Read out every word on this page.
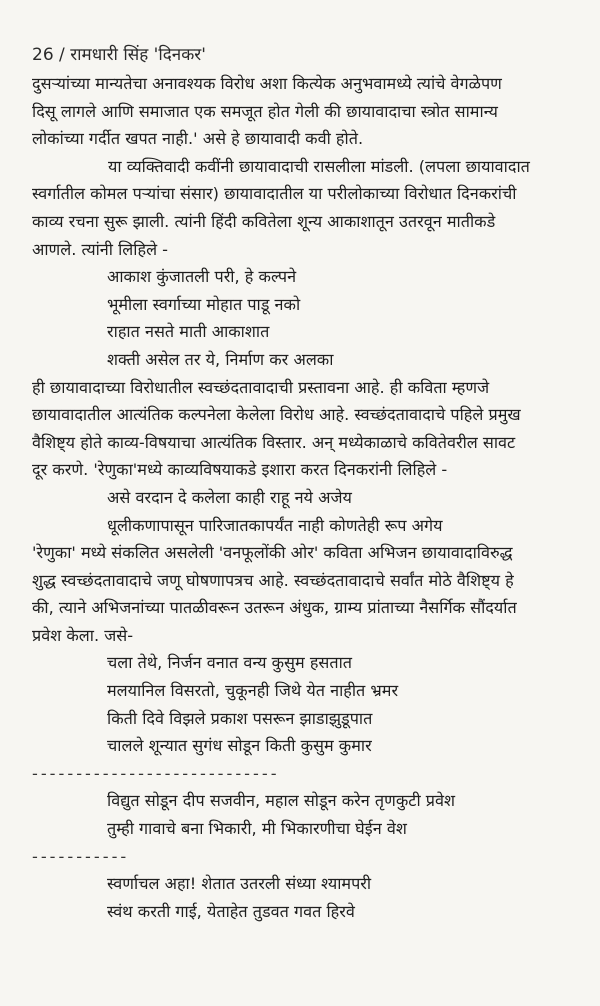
26 / रामधारी सिंह 'दिनकर'
दुसऱ्यांच्या मान्यतेचा अनावश्यक विरोध अशा कित्येक अनुभवामध्ये त्यांचे वेगळेपण
दिसू लागले आणि समाजात एक समजूत होत गेली की छायावादाचा स्त्रोत सामान्य
लोकांच्या गर्दीत खपत नाही.' असे हे छायावादी कवी होते.
या व्यक्तिवादी कवींनी छायावादाची रासलीला मांडली. (लपला छायावादात
स्वर्गातील कोमल पऱ्यांचा संसार) छायावादातील या परीलोकाच्या विरोधात दिनकरांची
काव्य रचना सुरू झाली. त्यांनी हिंदी कवितेला शून्य आकाशातून उतरवून मातीकडे
आणले. त्यांनी लिहिले -
आकाश कुंजातली परी, हे कल्पने
भूमीला स्वर्गाच्या मोहात पाडू नको
राहात नसते माती आकाशात
शक्ती असेल तर ये, निर्माण कर अलका
ही छायावादाच्या विरोधातील स्वच्छंदतावादाची प्रस्तावना आहे. ही कविता म्हणजे
छायावादातील आत्यंतिक कल्पनेला केलेला विरोध आहे. स्वच्छंदतावादाचे पहिले प्रमुख
वैशिष्ट्य होते काव्य-विषयाचा आत्यंतिक विस्तार. अन् मध्येकाळाचे कवितेवरील सावट
दूर करणे. 'रेणुका'मध्ये काव्यविषयाकडे इशारा करत दिनकरांनी लिहिले -
असे वरदान दे कलेला काही राहू नये अजेय
धूलीकणापासून पारिजातकापर्यंत नाही कोणतेही रूप अगेय
'रेणुका' मध्ये संकलित असलेली 'वनफूलोंकी ओर' कविता अभिजन छायावादाविरुद्ध
शुद्ध स्वच्छंदतावादाचे जणू घोषणापत्रच आहे. स्वच्छंदतावादाचे सर्वांत मोठे वैशिष्ट्य हे
की, त्याने अभिजनांच्या पातळीवरून उतरून अंधुक, ग्राम्य प्रांताच्या नैसर्गिक सौंदर्यात
प्रवेश केला. जसे-
चला तेथे, निर्जन वनात वन्य कुसुम हसतात
मलयानिल विसरतो, चुकूनही जिथे येत नाहीत भ्रमर
किती दिवे विझले प्रकाश पसरून झाडाझुडूपात
चालले शून्यात सुगंध सोडून किती कुसुम कुमार
----------------------------
विद्युत सोडून दीप सजवीन, महाल सोडून करेन तृणकुटी प्रवेश
तुम्ही गावाचे बना भिकारी, मी भिकारणीचा घेईन वेश
-----------
स्वर्णाचल अहा! शेतात उतरली संध्या श्यामपरी
स्वंथ करती गाई, येताहेत तुडवत गवत हिरवे
